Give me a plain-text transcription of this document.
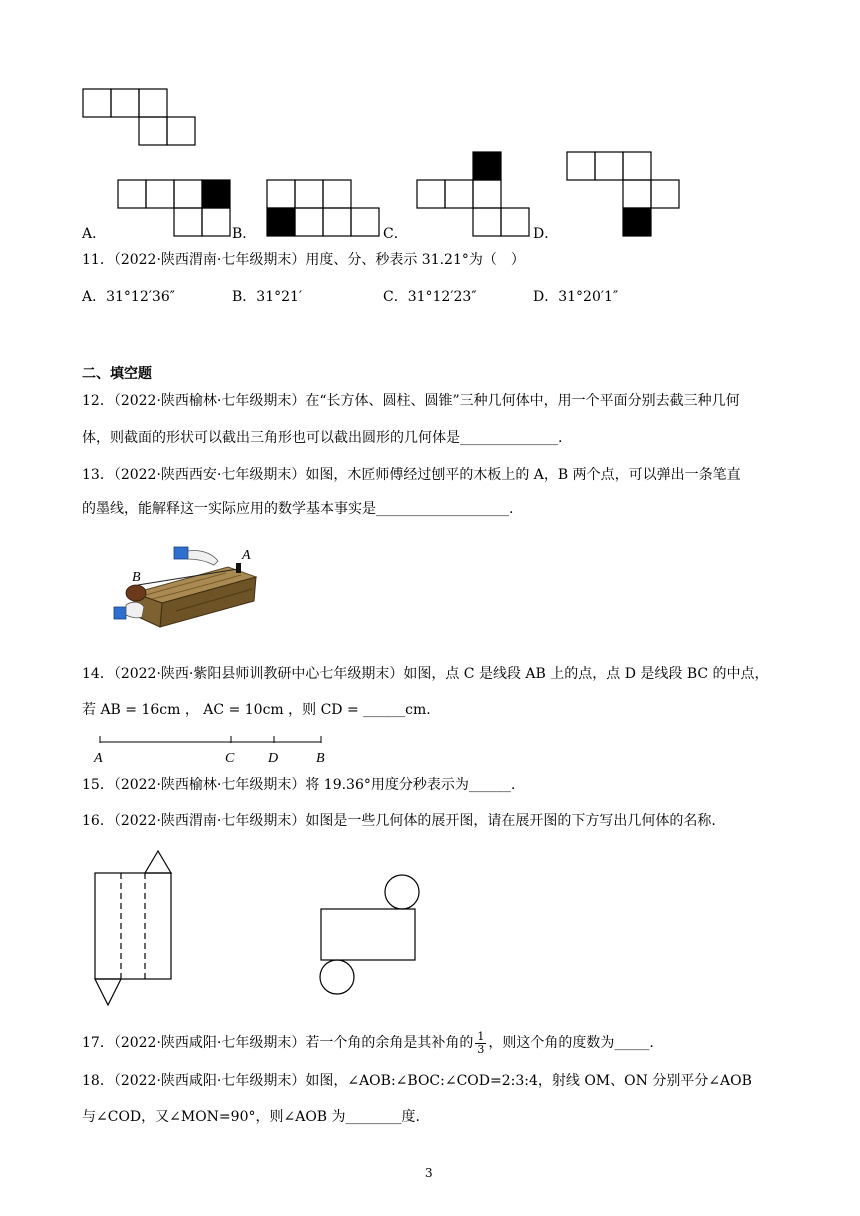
A．	B．	C．	D．
11．（2022·陕西渭南·七年级期末）用度、分、秒表示 31.21°为（　）
A．31°12′36″	B．31°21′	C．31°12′23″	D．31°20′1″
二、填空题
12．（2022·陕西榆林·七年级期末）在“长方体、圆柱、圆锥”三种几何体中，用一个平面分别去截三种几何
体，则截面的形状可以截出三角形也可以截出圆形的几何体是______________.
13．（2022·陕西西安·七年级期末）如图，木匠师傅经过刨平的木板上的 A，B 两个点，可以弹出一条笔直
的墨线，能解释这一实际应用的数学基本事实是___________________.
A
B
14．（2022·陕西·紫阳县师训教研中心七年级期末）如图，点 C 是线段 AB 上的点，点 D 是线段 BC 的中点，
若 AB = 16cm ， AC = 10cm ，则 CD = ______cm.
A	C D	B
15．（2022·陕西榆林·七年级期末）将 19.36°用度分秒表示为______.
16．（2022·陕西渭南·七年级期末）如图是一些几何体的展开图，请在展开图的下方写出几何体的名称.
17．（2022·陕西咸阳·七年级期末）若一个角的余角是其补角的 $\frac{1}{3}$ ，则这个角的度数为_____.
18．（2022·陕西咸阳·七年级期末）如图，∠AOB:∠BOC:∠COD=2:3:4，射线 OM、ON 分别平分∠AOB
与∠COD，又∠MON=90°，则∠AOB 为________度.
3
